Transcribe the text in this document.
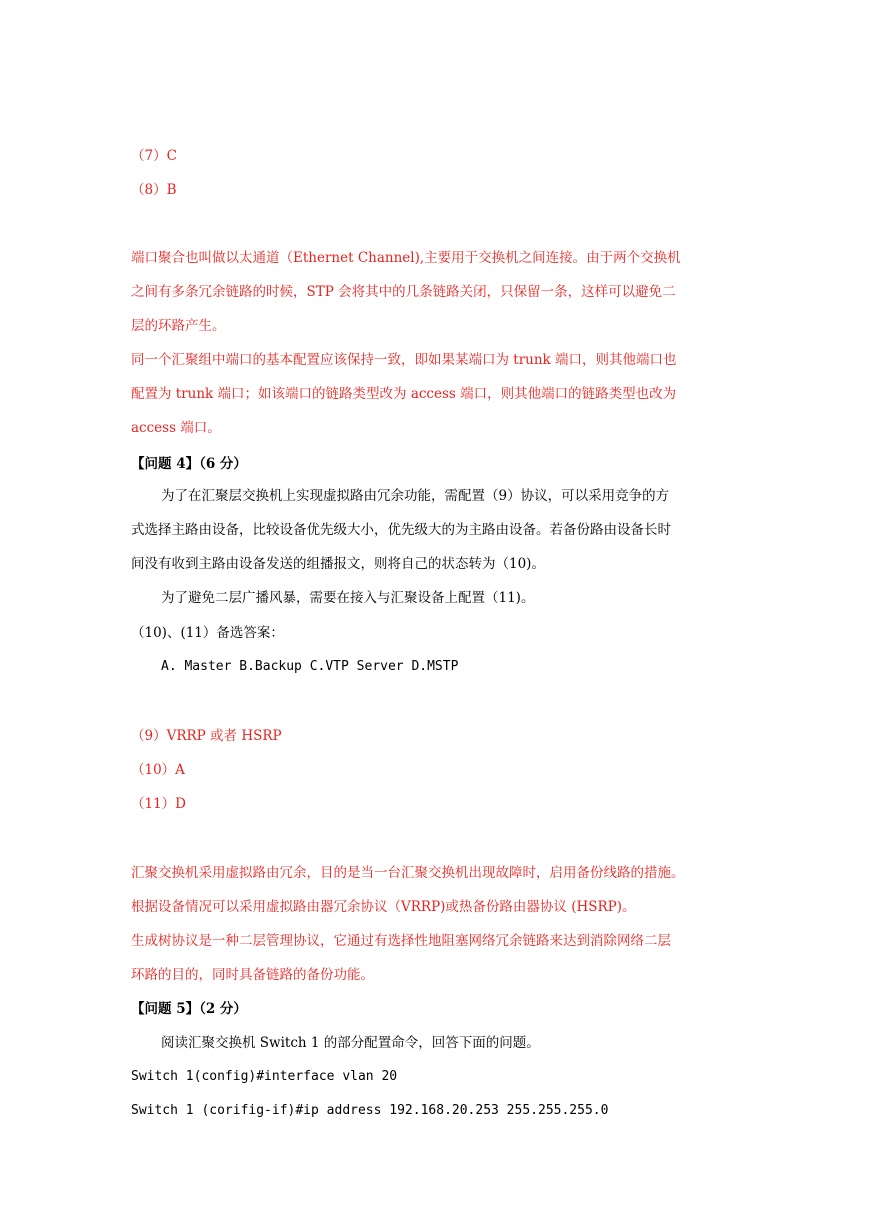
（7）C
（8）B
端口聚合也叫做以太通道（Ethernet Channel),主要用于交换机之间连接。由于两个交换机
之间有多条冗余链路的时候，STP 会将其中的几条链路关闭，只保留一条，这样可以避免二
层的环路产生。
同一个汇聚组中端口的基本配置应该保持一致，即如果某端口为 trunk 端口，则其他端口也
配置为 trunk 端口；如该端口的链路类型改为 access 端口，则其他端口的链路类型也改为
access 端口。
【问题 4】（6 分）
为了在汇聚层交换机上实现虚拟路由冗余功能，需配置（9）协议，可以采用竞争的方
式选择主路由设备，比较设备优先级大小，优先级大的为主路由设备。若备份路由设备长时
间没有收到主路由设备发送的组播报文，则将自己的状态转为（10)。
为了避免二层广播风暴，需要在接入与汇聚设备上配置（11)。
（10)、(11）备选答案：
A. Master B.Backup C.VTP Server D.MSTP
（9）VRRP 或者 HSRP
（10）A
（11）D
汇聚交换机采用虚拟路由冗余，目的是当一台汇聚交换机出现故障时，启用备份线路的措施。
根据设备情况可以采用虚拟路由器冗余协议（VRRP)或热备份路由器协议 (HSRP)。
生成树协议是一种二层管理协议，它通过有选择性地阻塞网络冗余链路来达到消除网络二层
环路的目的，同时具备链路的备份功能。
【问题 5】（2 分）
阅读汇聚交换机 Switch 1 的部分配置命令，回答下面的问题。
Switch 1(config)#interface vlan 20
Switch 1 (corifig-if)#ip address 192.168.20.253 255.255.255.0
